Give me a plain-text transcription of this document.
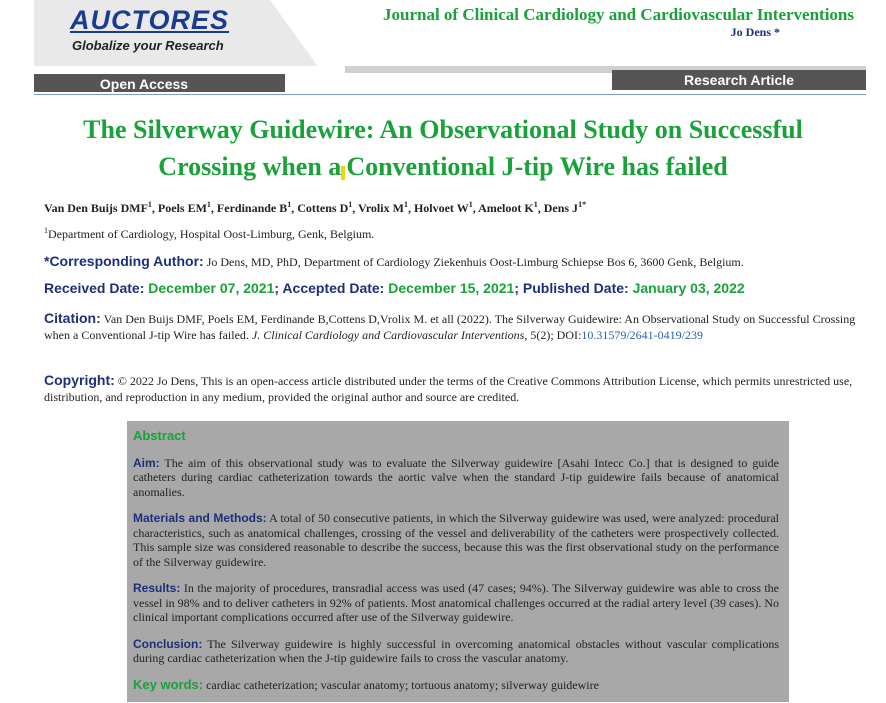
AUCTORES
Globalize your Research
Journal of Clinical Cardiology and Cardiovascular Interventions
Jo Dens *
Open Access	Research Article
The Silverway Guidewire: An Observational Study on Successful
Crossing when a Conventional J-tip Wire has failed
Van Den Buijs DMF$^1$, Poels $EM^1$, Ferdinande $B^1$, Cottens $D^1$, Vrolix $M^1$, Holvoet $W^1$, Ameloot $K^1$, Dens $J^{1*}$
$^1$Department of Cardiology, Hospital Oost-Limburg, Genk, Belgium.
*Corresponding Author: Jo Dens, MD, PhD, Department of Cardiology Ziekenhuis Oost-Limburg Schiepse Bos 6, 3600 Genk, Belgium.
Received Date: December 07, 2021; Accepted Date: December 15, 2021; Published Date: January 03, 2022
Citation: Van Den Buijs DMF, Poels EM, Ferdinande B,Cottens D,Vrolix M. et all (2022). The Silverway Guidewire: An Observational Study on Successful Crossing when a Conventional J-tip Wire has failed. J. Clinical Cardiology and Cardiovascular Interventions, 5(2); DOI:10.31579/2641-0419/239
Copyright: © 2022 Jo Dens, This is an open-access article distributed under the terms of the Creative Commons Attribution License, which permits unrestricted use, distribution, and reproduction in any medium, provided the original author and source are credited.
Abstract
Aim: The aim of this observational study was to evaluate the Silverway guidewire [Asahi Intecc Co.] that is designed to guide catheters during cardiac catheterization towards the aortic valve when the standard J-tip guidewire fails because of anatomical anomalies.
Materials and Methods: A total of 50 consecutive patients, in which the Silverway guidewire was used, were analyzed: procedural characteristics, such as anatomical challenges, crossing of the vessel and deliverability of the catheters were prospectively collected. This sample size was considered reasonable to describe the success, because this was the first observational study on the performance of the Silverway guidewire.
Results: In the majority of procedures, transradial access was used (47 cases; 94%). The Silverway guidewire was able to cross the vessel in 98% and to deliver catheters in 92% of patients. Most anatomical challenges occurred at the radial artery level (39 cases). No clinical important complications occurred after use of the Silverway guidewire.
Conclusion: The Silverway guidewire is highly successful in overcoming anatomical obstacles without vascular complications during cardiac catheterization when the J-tip guidewire fails to cross the vascular anatomy.
Key words: cardiac catheterization; vascular anatomy; tortuous anatomy; silverway guidewire
